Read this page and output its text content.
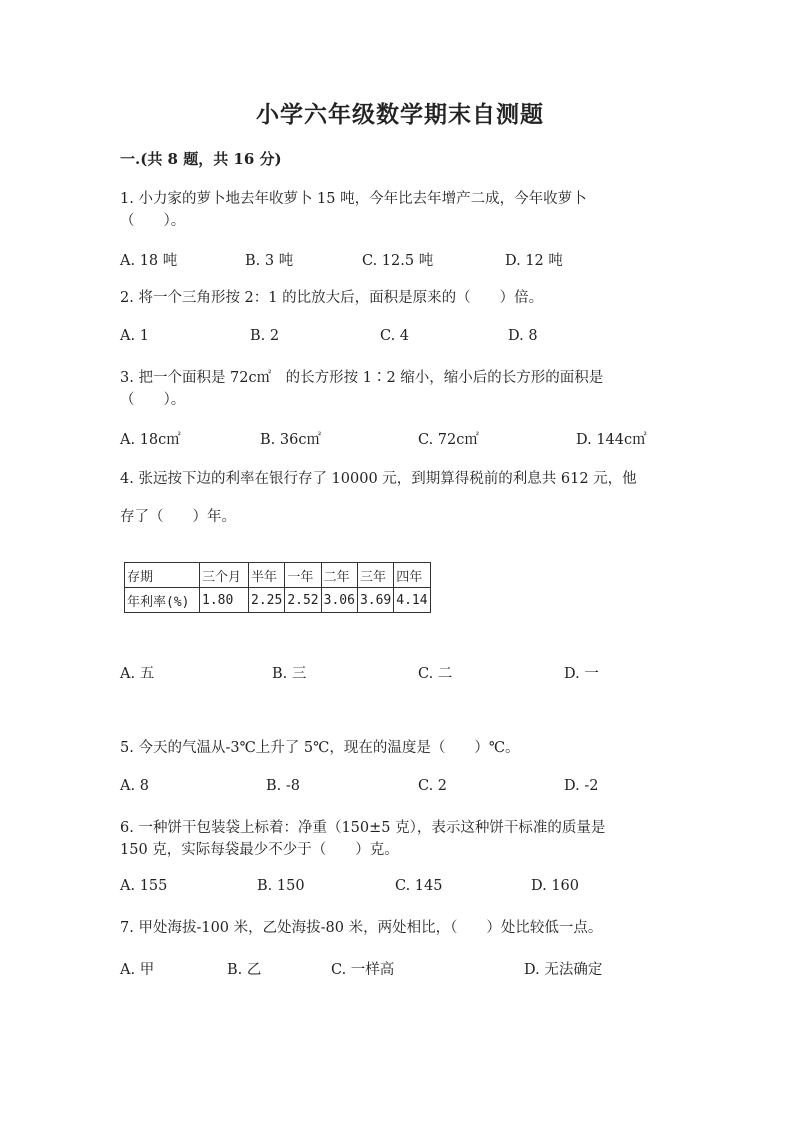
小学六年级数学期末自测题
一.(共 8 题，共 16 分)
1. 小力家的萝卜地去年收萝卜 15 吨，今年比去年增产二成，今年收萝卜
（　　）。
A. 18 吨	B. 3 吨	C. 12.5 吨	D. 12 吨
2. 将一个三角形按 2：1 的比放大后，面积是原来的（　　）倍。
A. 1	B. 2	C. 4	D. 8
3. 把一个面积是 72c㎡　的长方形按 1∶2 缩小，缩小后的长方形的面积是
（　　）。
A. 18c㎡	B. 36c㎡	C. 72c㎡	D. 144c㎡
4. 张远按下边的利率在银行存了 10000 元，到期算得税前的利息共 612 元，他
存了（　　）年。
存期	三个月	半年	一年	二年	三年	四年
年利率(%)	1.80	2.25	2.52	3.06	3.69	4.14
A. 五	B. 三	C. 二	D. 一
5. 今天的气温从-3℃上升了 5℃，现在的温度是（　　）℃。
A. 8	B. -8	C. 2	D. -2
6. 一种饼干包装袋上标着：净重（150±5 克），表示这种饼干标准的质量是
150 克，实际每袋最少不少于（　　）克。
A. 155	B. 150	C. 145	D. 160
7. 甲处海拔-100 米，乙处海拔-80 米，两处相比，（　　）处比较低一点。
A. 甲	B. 乙	C. 一样高	D. 无法确定
